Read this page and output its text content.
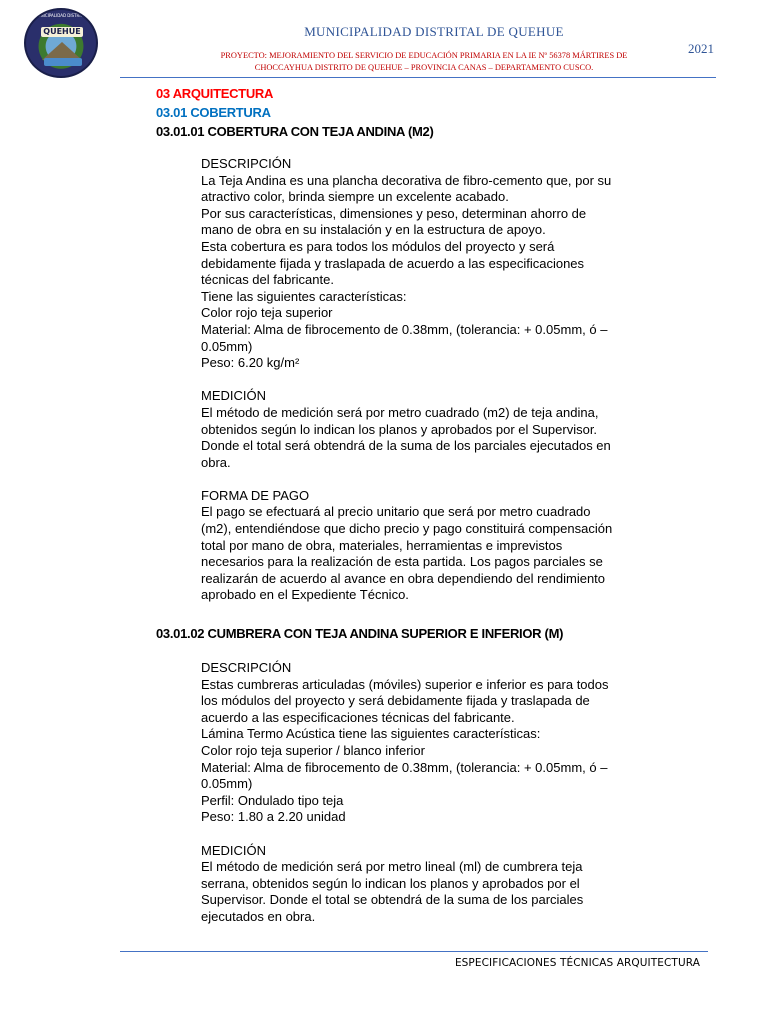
MUNICIPALIDAD DISTRITAL
QUEHUE	MUNICIPALIDAD DISTRITAL DE QUEHUE
PROYECTO: MEJORAMIENTO DEL SERVICIO DE EDUCACIÓN PRIMARIA EN LA IE Nº 56378 MÁRTIRES DE
CHOCCAYHUA DISTRITO DE QUEHUE – PROVINCIA CANAS – DEPARTAMENTO CUSCO.
2021
03 ARQUITECTURA
03.01 COBERTURA
03.01.01 COBERTURA CON TEJA ANDINA (M2)

DESCRIPCIÓN

La Teja Andina es una plancha decorativa de fibro-cemento que, por su

atractivo color, brinda siempre un excelente acabado.

Por sus características, dimensiones y peso, determinan ahorro de

mano de obra en su instalación y en la estructura de apoyo.

Esta cobertura es para todos los módulos del proyecto y será

debidamente fijada y traslapada de acuerdo a las especificaciones

técnicas del fabricante.

Tiene las siguientes características:

Color rojo teja superior

Material: Alma de fibrocemento de 0.38mm, (tolerancia: + 0.05mm, ó –

0.05mm)

Peso: 6.20 kg/m²

MEDICIÓN

El método de medición será por metro cuadrado (m2) de teja andina,

obtenidos según lo indican los planos y aprobados por el Supervisor.

Donde el total será obtendrá de la suma de los parciales ejecutados en

obra.

FORMA DE PAGO

El pago se efectuará al precio unitario que será por metro cuadrado

(m2), entendiéndose que dicho precio y pago constituirá compensación

total por mano de obra, materiales, herramientas e imprevistos

necesarios para la realización de esta partida. Los pagos parciales se

realizarán de acuerdo al avance en obra dependiendo del rendimiento

aprobado en el Expediente Técnico.

03.01.02 CUMBRERA CON TEJA ANDINA SUPERIOR E INFERIOR (M)

DESCRIPCIÓN

Estas cumbreras articuladas (móviles) superior e inferior es para todos

los módulos del proyecto y será debidamente fijada y traslapada de

acuerdo a las especificaciones técnicas del fabricante.

Lámina Termo Acústica tiene las siguientes características:

Color rojo teja superior / blanco inferior

Material: Alma de fibrocemento de 0.38mm, (tolerancia: + 0.05mm, ó –

0.05mm)

Perfil: Ondulado tipo teja

Peso: 1.80 a 2.20 unidad

MEDICIÓN

El método de medición será por metro lineal (ml) de cumbrera teja

serrana, obtenidos según lo indican los planos y aprobados por el

Supervisor. Donde el total se obtendrá de la suma de los parciales

ejecutados en obra.

ESPECIFICACIONES TÉCNICAS ARQUITECTURA
